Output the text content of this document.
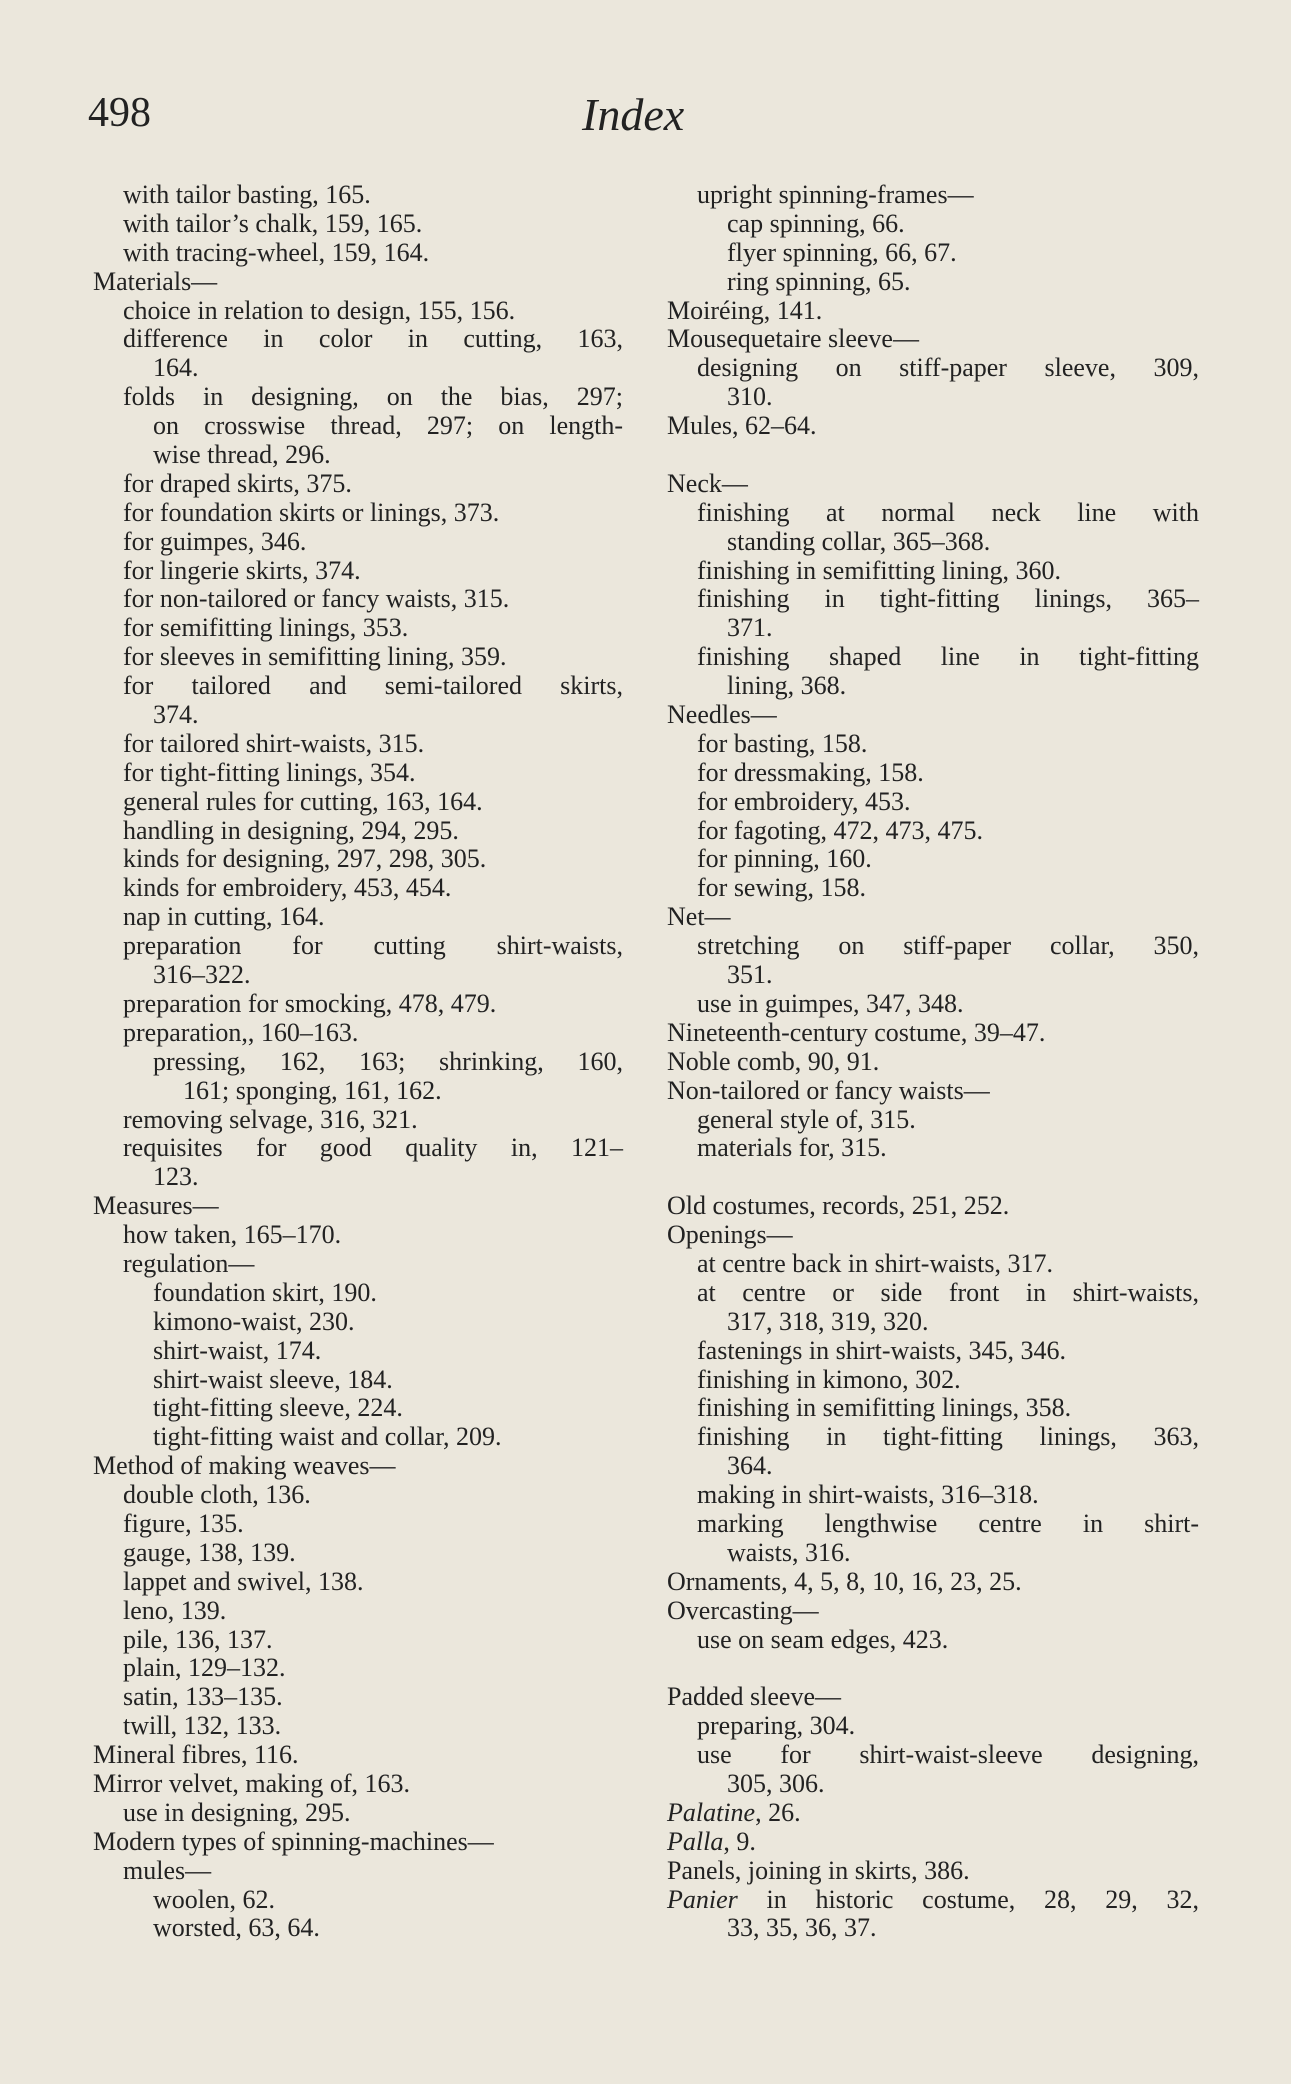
498	Index
with tailor basting, 165.
with tailor’s chalk, 159, 165.
with tracing-wheel, 159, 164.
Materials—
choice in relation to design, 155, 156.
difference in color in cutting, 163,
164.
folds in designing, on the bias, 297;
on crosswise thread, 297; on length-
wise thread, 296.
for draped skirts, 375.
for foundation skirts or linings, 373.
for guimpes, 346.
for lingerie skirts, 374.
for non-tailored or fancy waists, 315.
for semifitting linings, 353.
for sleeves in semifitting lining, 359.
for tailored and semi-tailored skirts,
374.
for tailored shirt-waists, 315.
for tight-fitting linings, 354.
general rules for cutting, 163, 164.
handling in designing, 294, 295.
kinds for designing, 297, 298, 305.
kinds for embroidery, 453, 454.
nap in cutting, 164.
preparation for cutting shirt-waists,
316–322.
preparation for smocking, 478, 479.
preparation,, 160–163.
pressing, 162, 163; shrinking, 160,
161; sponging, 161, 162.
removing selvage, 316, 321.
requisites for good quality in, 121–
123.
Measures—
how taken, 165–170.
regulation—
foundation skirt, 190.
kimono-waist, 230.
shirt-waist, 174.
shirt-waist sleeve, 184.
tight-fitting sleeve, 224.
tight-fitting waist and collar, 209.
Method of making weaves—
double cloth, 136.
figure, 135.
gauge, 138, 139.
lappet and swivel, 138.
leno, 139.
pile, 136, 137.
plain, 129–132.
satin, 133–135.
twill, 132, 133.
Mineral fibres, 116.
Mirror velvet, making of, 163.
use in designing, 295.
Modern types of spinning-machines—
mules—
woolen, 62.
worsted, 63, 64.
upright spinning-frames—
cap spinning, 66.
flyer spinning, 66, 67.
ring spinning, 65.
Moiréing, 141.
Mousequetaire sleeve—
designing on stiff-paper sleeve, 309,
310.
Mules, 62–64.
Neck—
finishing at normal neck line with
standing collar, 365–368.
finishing in semifitting lining, 360.
finishing in tight-fitting linings, 365–
371.
finishing shaped line in tight-fitting
lining, 368.
Needles—
for basting, 158.
for dressmaking, 158.
for embroidery, 453.
for fagoting, 472, 473, 475.
for pinning, 160.
for sewing, 158.
Net—
stretching on stiff-paper collar, 350,
351.
use in guimpes, 347, 348.
Nineteenth-century costume, 39–47.
Noble comb, 90, 91.
Non-tailored or fancy waists—
general style of, 315.
materials for, 315.
Old costumes, records, 251, 252.
Openings—
at centre back in shirt-waists, 317.
at centre or side front in shirt-waists,
317, 318, 319, 320.
fastenings in shirt-waists, 345, 346.
finishing in kimono, 302.
finishing in semifitting linings, 358.
finishing in tight-fitting linings, 363,
364.
making in shirt-waists, 316–318.
marking lengthwise centre in shirt-
waists, 316.
Ornaments, 4, 5, 8, 10, 16, 23, 25.
Overcasting—
use on seam edges, 423.
Padded sleeve—
preparing, 304.
use for shirt-waist-sleeve designing,
305, 306.
Palatine, 26.
Palla, 9.
Panels, joining in skirts, 386.
Panier in historic costume, 28, 29, 32,
33, 35, 36, 37.
